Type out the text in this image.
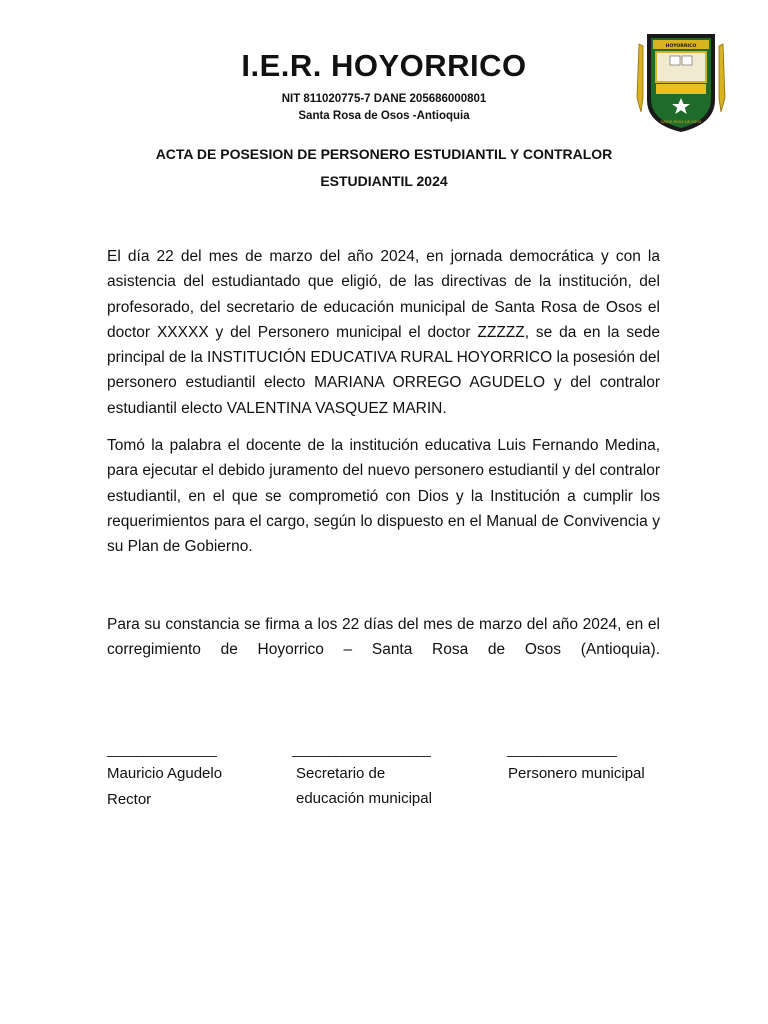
I.E.R. HOYORRICO

NIT 811020775-7 DANE 205686000801

Santa Rosa de Osos -Antioquia

HOYORRICO
SANTA ROSA DE OSOS

ACTA DE POSESION DE PERSONERO ESTUDIANTIL Y CONTRALOR

ESTUDIANTIL 2024

El día 22 del mes de marzo del año 2024, en jornada democrática y con la asistencia del estudiantado que eligió, de las directivas de la institución, del profesorado, del secretario de educación municipal de Santa Rosa de Osos el doctor XXXXX y del Personero municipal el doctor ZZZZZ, se da en la sede principal de la INSTITUCIÓN EDUCATIVA RURAL HOYORRICO la posesión del personero estudiantil electo MARIANA ORREGO AGUDELO y del contralor estudiantil electo VALENTINA VASQUEZ MARIN.

Tomó la palabra el docente de la institución educativa Luis Fernando Medina, para ejecutar el debido juramento del nuevo personero estudiantil y del contralor estudiantil, en el que se comprometió con Dios y la Institución a cumplir los requerimientos para el cargo, según lo dispuesto en el Manual de Convivencia y su Plan de Gobierno.

Para su constancia se firma a los 22 días del mes de marzo del año 2024, en el corregimiento de Hoyorrico – Santa Rosa de Osos (Antioquia).

_______________	___________________	_______________

Mauricio Agudelo

Rector

Secretario de

educación municipal

Personero municipal
